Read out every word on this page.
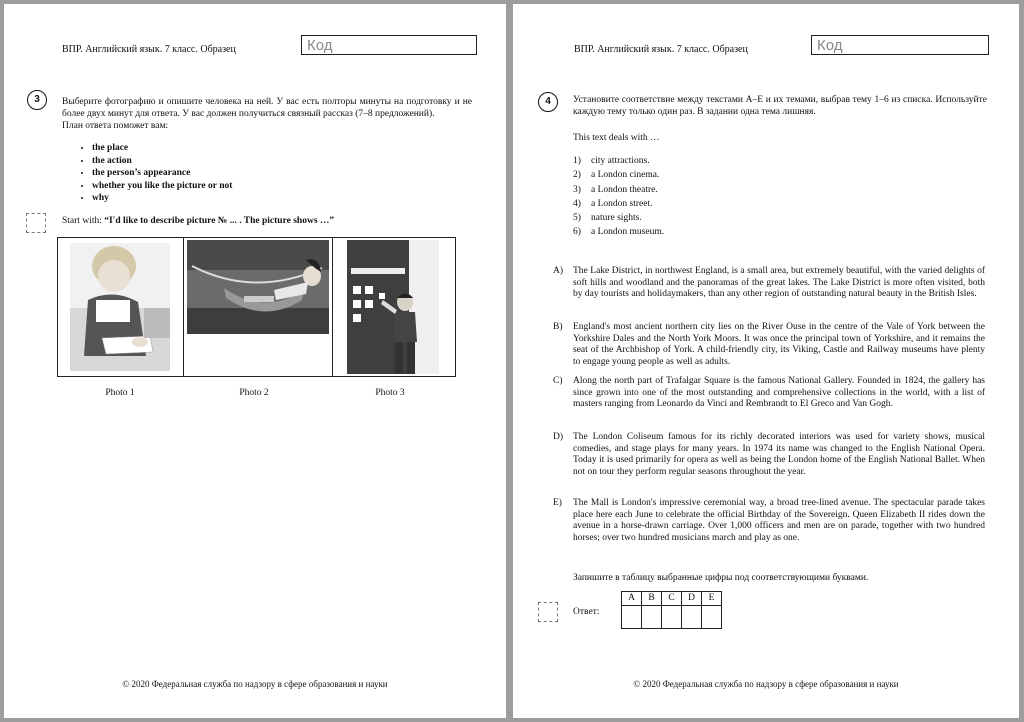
ВПР. Английский язык. 7 класс. Образец	Код
3	Выберите фотографию и опишите человека на ней. У вас есть полторы минуты на подготовку и не более двух минут для ответа. У вас должен получиться связный рассказ (7–8 предложений).
План ответа поможет вам:
• the place
• the action
• the person’s appearance
• whether you like the picture or not
• why
Start with: “I'd like to describe picture № ... . The picture shows …”
Photo 1	Photo 2	Photo 3
© 2020 Федеральная служба по надзору в сфере образования и науки
ВПР. Английский язык. 7 класс. Образец	Код
4	Установите соответствие между текстами A–E и их темами, выбрав тему 1–6 из списка. Используйте каждую тему только один раз. В задании одна тема лишняя.
This text deals with …
1) city attractions.
2) a London cinema.
3) a London theatre.
4) a London street.
5) nature sights.
6) a London museum.
A) The Lake District, in northwest England, is a small area, but extremely beautiful, with the varied delights of soft hills and woodland and the panoramas of the great lakes. The Lake District is more often visited, both by day tourists and holidaymakers, than any other region of outstanding natural beauty in the British Isles.
B) England's most ancient northern city lies on the River Ouse in the centre of the Vale of York between the Yorkshire Dales and the North York Moors. It was once the principal town of Yorkshire, and it remains the seat of the Archbishop of York. A child-friendly city, its Viking, Castle and Railway museums have plenty to engage young people as well as adults.
C) Along the north part of Trafalgar Square is the famous National Gallery. Founded in 1824, the gallery has since grown into one of the most outstanding and comprehensive collections in the world, with a list of masters ranging from Leonardo da Vinci and Rembrandt to El Greco and Van Gogh.
D) The London Coliseum famous for its richly decorated interiors was used for variety shows, musical comedies, and stage plays for many years. In 1974 its name was changed to the English National Opera. Today it is used primarily for opera as well as being the London home of the English National Ballet. When not on tour they perform regular seasons throughout the year.
E) The Mall is London's impressive ceremonial way, a broad tree-lined avenue. The spectacular parade takes place here each June to celebrate the official Birthday of the Sovereign. Queen Elizabeth II rides down the avenue in a horse-drawn carriage. Over 1,000 officers and men are on parade, together with two hundred horses; over two hundred musicians march and play as one.
Запишите в таблицу выбранные цифры под соответствующими буквами.
Ответ:
A	B	C	D	E

© 2020 Федеральная служба по надзору в сфере образования и науки
